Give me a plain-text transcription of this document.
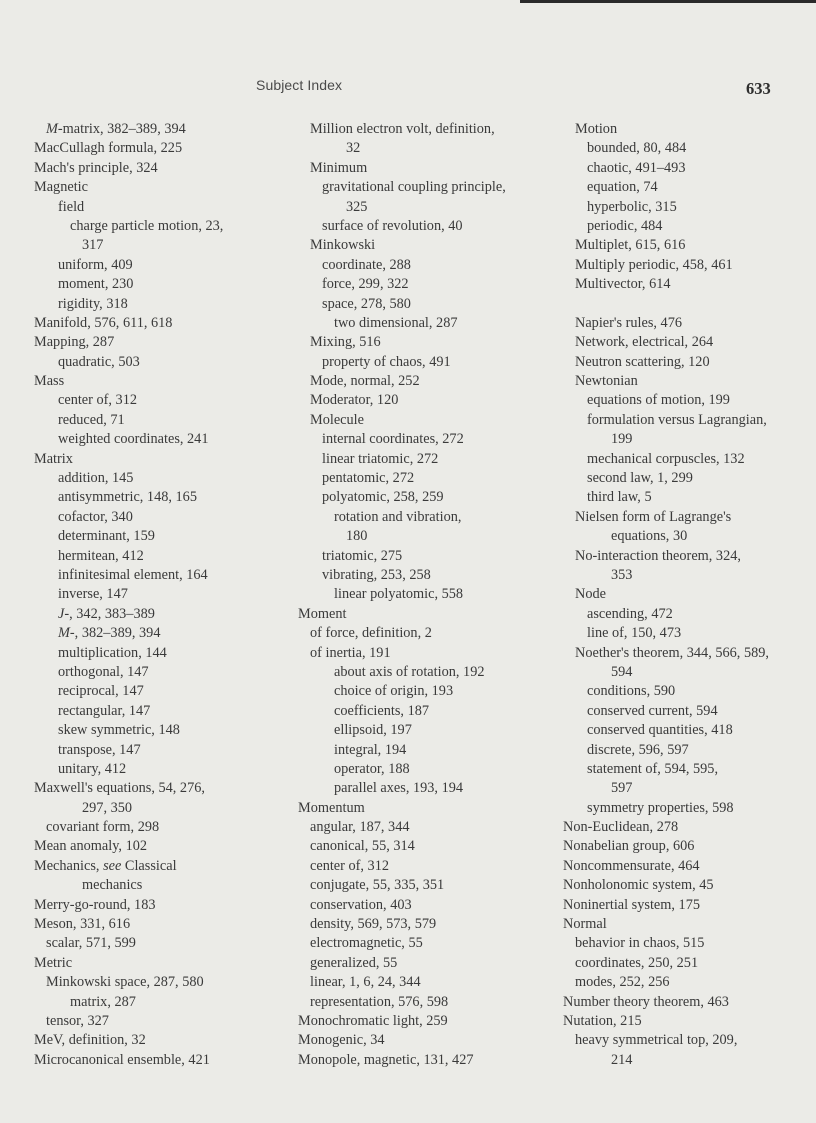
Subject Index	633
M-matrix, 382–389, 394
MacCullagh formula, 225
Mach's principle, 324
Magnetic
field
charge particle motion, 23,
317
uniform, 409
moment, 230
rigidity, 318
Manifold, 576, 611, 618
Mapping, 287
quadratic, 503
Mass
center of, 312
reduced, 71
weighted coordinates, 241
Matrix
addition, 145
antisymmetric, 148, 165
cofactor, 340
determinant, 159
hermitean, 412
infinitesimal element, 164
inverse, 147
J-, 342, 383–389
M-, 382–389, 394
multiplication, 144
orthogonal, 147
reciprocal, 147
rectangular, 147
skew symmetric, 148
transpose, 147
unitary, 412
Maxwell's equations, 54, 276,
297, 350
covariant form, 298
Mean anomaly, 102
Mechanics, see Classical
mechanics
Merry-go-round, 183
Meson, 331, 616
scalar, 571, 599
Metric
Minkowski space, 287, 580
matrix, 287
tensor, 327
MeV, definition, 32
Microcanonical ensemble, 421
Million electron volt, definition,
32
Minimum
gravitational coupling principle,
325
surface of revolution, 40
Minkowski
coordinate, 288
force, 299, 322
space, 278, 580
two dimensional, 287
Mixing, 516
property of chaos, 491
Mode, normal, 252
Moderator, 120
Molecule
internal coordinates, 272
linear triatomic, 272
pentatomic, 272
polyatomic, 258, 259
rotation and vibration,
180
triatomic, 275
vibrating, 253, 258
linear polyatomic, 558
Moment
of force, definition, 2
of inertia, 191
about axis of rotation, 192
choice of origin, 193
coefficients, 187
ellipsoid, 197
integral, 194
operator, 188
parallel axes, 193, 194
Momentum
angular, 187, 344
canonical, 55, 314
center of, 312
conjugate, 55, 335, 351
conservation, 403
density, 569, 573, 579
electromagnetic, 55
generalized, 55
linear, 1, 6, 24, 344
representation, 576, 598
Monochromatic light, 259
Monogenic, 34
Monopole, magnetic, 131, 427
Motion
bounded, 80, 484
chaotic, 491–493
equation, 74
hyperbolic, 315
periodic, 484
Multiplet, 615, 616
Multiply periodic, 458, 461
Multivector, 614
Napier's rules, 476
Network, electrical, 264
Neutron scattering, 120
Newtonian
equations of motion, 199
formulation versus Lagrangian,
199
mechanical corpuscles, 132
second law, 1, 299
third law, 5
Nielsen form of Lagrange's
equations, 30
No-interaction theorem, 324,
353
Node
ascending, 472
line of, 150, 473
Noether's theorem, 344, 566, 589,
594
conditions, 590
conserved current, 594
conserved quantities, 418
discrete, 596, 597
statement of, 594, 595,
597
symmetry properties, 598
Non-Euclidean, 278
Nonabelian group, 606
Noncommensurate, 464
Nonholonomic system, 45
Noninertial system, 175
Normal
behavior in chaos, 515
coordinates, 250, 251
modes, 252, 256
Number theory theorem, 463
Nutation, 215
heavy symmetrical top, 209,
214
